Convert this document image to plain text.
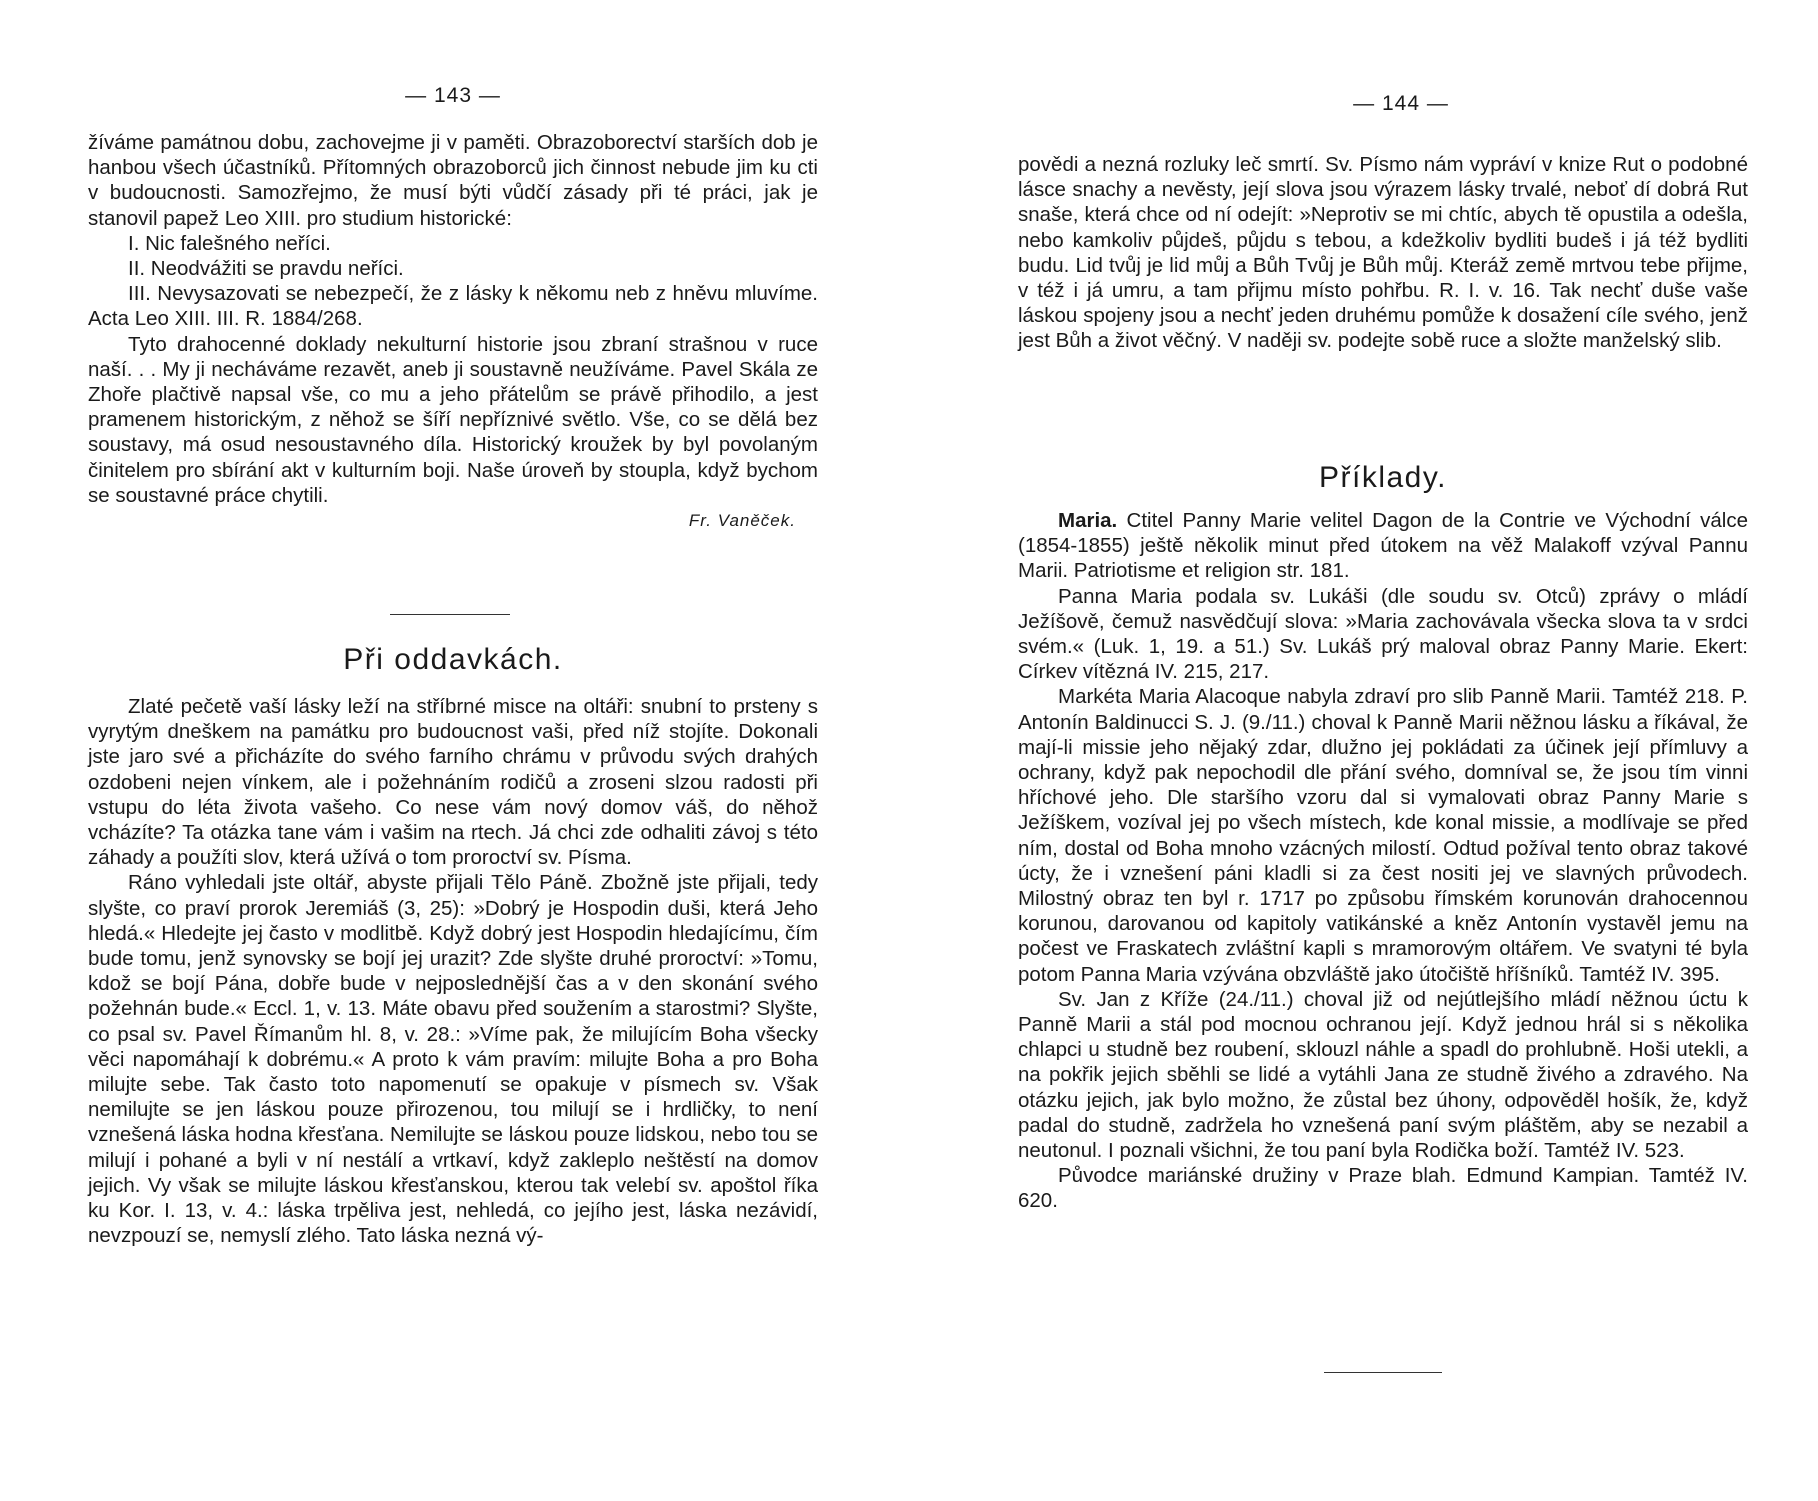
— 143 —

žíváme památnou dobu, zachovejme ji v paměti. Obrazoborectví starších dob je hanbou všech účastníků. Přítomných obrazoborců jich činnost nebude jim ku cti v budoucnosti. Samozřejmo, že musí býti vůdčí zásady při té práci, jak je stanovil papež Leo XIII. pro studium historické:

I. Nic falešného neříci.

II. Neodvážiti se pravdu neříci.

III. Nevysazovati se nebezpečí, že z lásky k někomu neb z hněvu mluvíme. Acta Leo XIII. III. R. 1884/268.

Tyto drahocenné doklady nekulturní historie jsou zbraní strašnou v ruce naší. . . My ji necháváme rezavět, aneb ji soustavně neužíváme. Pavel Skála ze Zhoře plačtivě napsal vše, co mu a jeho přátelům se právě přihodilo, a jest pramenem historickým, z něhož se šíří nepříznivé světlo. Vše, co se dělá bez soustavy, má osud nesoustavného díla. Historický kroužek by byl povolaným činitelem pro sbírání akt v kulturním boji. Naše úroveň by stoupla, když bychom se soustavné práce chytili.

Fr. Vaněček.

Při oddavkách.

Zlaté pečetě vaší lásky leží na stříbrné misce na oltáři: snubní to prsteny s vyrytým dneškem na památku pro budoucnost vaši, před níž stojíte. Dokonali jste jaro své a přicházíte do svého farního chrámu v průvodu svých drahých ozdobeni nejen vínkem, ale i požehnáním rodičů a zroseni slzou radosti při vstupu do léta života vašeho. Co nese vám nový domov váš, do něhož vcházíte? Ta otázka tane vám i vašim na rtech. Já chci zde odhaliti závoj s této záhady a použíti slov, která užívá o tom proroctví sv. Písma.

Ráno vyhledali jste oltář, abyste přijali Tělo Páně. Zbožně jste přijali, tedy slyšte, co praví prorok Jeremiáš (3, 25): »Dobrý je Hospodin duši, která Jeho hledá.« Hledejte jej často v modlitbě. Když dobrý jest Hospodin hledajícímu, čím bude tomu, jenž synovsky se bojí jej urazit? Zde slyšte druhé proroctví: »Tomu, kdož se bojí Pána, dobře bude v nejposlednější čas a v den skonání svého požehnán bude.« Eccl. 1, v. 13. Máte obavu před soužením a starostmi? Slyšte, co psal sv. Pavel Římanům hl. 8, v. 28.: »Víme pak, že milujícím Boha všecky věci napomáhají k dobrému.« A proto k vám pravím: milujte Boha a pro Boha milujte sebe. Tak často toto napomenutí se opakuje v písmech sv. Však nemilujte se jen láskou pouze přirozenou, tou milují se i hrdličky, to není vznešená láska hodna křesťana. Nemilujte se láskou pouze lidskou, nebo tou se milují i pohané a byli v ní nestálí a vrtkaví, když zakleplo neštěstí na domov jejich. Vy však se milujte láskou křesťanskou, kterou tak velebí sv. apoštol říka ku Kor. I. 13, v. 4.: láska trpěliva jest, nehledá, co jejího jest, láska nezávidí, nevzpouzí se, nemyslí zlého. Tato láska nezná vý-

— 144 —

povědi a nezná rozluky leč smrtí. Sv. Písmo nám vypráví v knize Rut o podobné lásce snachy a nevěsty, její slova jsou výrazem lásky trvalé, neboť dí dobrá Rut snaše, která chce od ní odejít: »Neprotiv se mi chtíc, abych tě opustila a odešla, nebo kamkoliv půjdeš, půjdu s tebou, a kdežkoliv bydliti budeš i já též bydliti budu. Lid tvůj je lid můj a Bůh Tvůj je Bůh můj. Kteráž země mrtvou tebe přijme, v též i já umru, a tam přijmu místo pohřbu. R. I. v. 16. Tak nechť duše vaše láskou spojeny jsou a nechť jeden druhému pomůže k dosažení cíle svého, jenž jest Bůh a život věčný. V naději sv. podejte sobě ruce a složte manželský slib.

Příklady.

Maria. Ctitel Panny Marie velitel Dagon de la Contrie ve Východní válce (1854-1855) ještě několik minut před útokem na věž Malakoff vzýval Pannu Marii. Patriotisme et religion str. 181.

Panna Maria podala sv. Lukáši (dle soudu sv. Otců) zprávy o mládí Ježíšově, čemuž nasvědčují slova: »Maria zachovávala všecka slova ta v srdci svém.« (Luk. 1, 19. a 51.) Sv. Lukáš prý maloval obraz Panny Marie. Ekert: Církev vítězná IV. 215, 217.

Markéta Maria Alacoque nabyla zdraví pro slib Panně Marii. Tamtéž 218. P. Antonín Baldinucci S. J. (9./11.) choval k Panně Marii něžnou lásku a říkával, že mají-li missie jeho nějaký zdar, dlužno jej pokládati za účinek její přímluvy a ochrany, když pak nepochodil dle přání svého, domníval se, že jsou tím vinni hříchové jeho. Dle staršího vzoru dal si vymalovati obraz Panny Marie s Ježíškem, vozíval jej po všech místech, kde konal missie, a modlívaje se před ním, dostal od Boha mnoho vzácných milostí. Odtud požíval tento obraz takové úcty, že i vznešení páni kladli si za čest nositi jej ve slavných průvodech. Milostný obraz ten byl r. 1717 po způsobu římském korunován drahocennou korunou, darovanou od kapitoly vatikánské a kněz Antonín vystavěl jemu na počest ve Fraskatech zvláštní kapli s mramorovým oltářem. Ve svatyni té byla potom Panna Maria vzývána obzvláště jako útočiště hříšníků. Tamtéž IV. 395.

Sv. Jan z Kříže (24./11.) choval již od nejútlejšího mládí něžnou úctu k Panně Marii a stál pod mocnou ochranou její. Když jednou hrál si s několika chlapci u studně bez roubení, sklouzl náhle a spadl do prohlubně. Hoši utekli, a na pokřik jejich sběhli se lidé a vytáhli Jana ze studně živého a zdravého. Na otázku jejich, jak bylo možno, že zůstal bez úhony, odpověděl hošík, že, když padal do studně, zadržela ho vznešená paní svým pláštěm, aby se nezabil a neutonul. I poznali všichni, že tou paní byla Rodička boží. Tamtéž IV. 523.

Původce mariánské družiny v Praze blah. Edmund Kampian. Tamtéž IV. 620.
